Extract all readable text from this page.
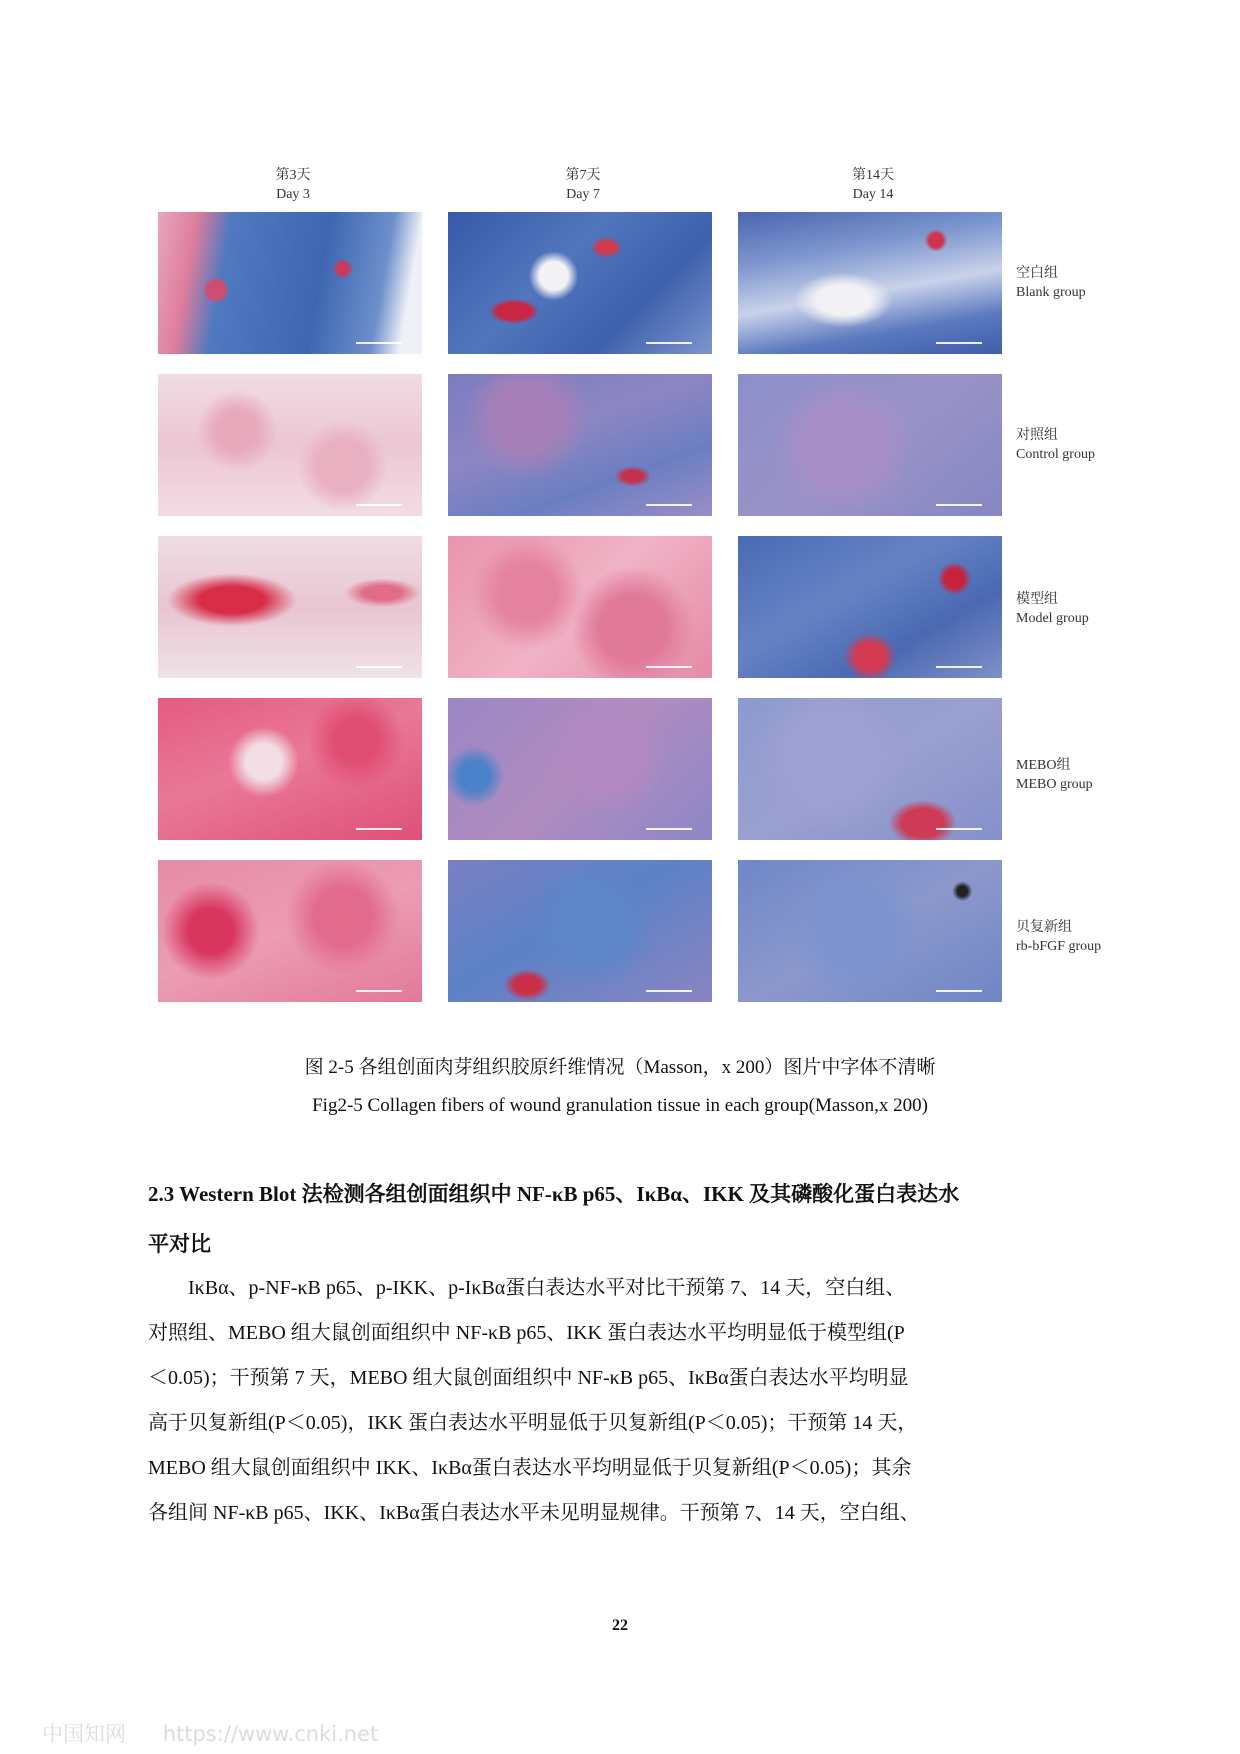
第3天
Day 3
第7天
Day 7
第14天
Day 14
空白组
Blank group
对照组
Control group
模型组
Model group
MEBO组
MEBO group
贝复新组
rb-bFGF group
图 2-5 各组创面肉芽组织胶原纤维情况（Masson，x 200）图片中字体不清晰
Fig2-5 Collagen fibers of wound granulation tissue in each group(Masson,x 200)
2.3 Western Blot 法检测各组创面组织中 NF-κB p65、IκBα、IKK 及其磷酸化蛋白表达水
平对比

IκBα、p-NF-κB p65、p-IKK、p-IκBα蛋白表达水平对比干预第 7、14 天，空白组、

对照组、MEBO 组大鼠创面组织中 NF-κB p65、IKK 蛋白表达水平均明显低于模型组(P

＜0.05)；干预第 7 天，MEBO 组大鼠创面组织中 NF-κB p65、IκBα蛋白表达水平均明显

高于贝复新组(P＜0.05)，IKK 蛋白表达水平明显低于贝复新组(P＜0.05)；干预第 14 天，

MEBO 组大鼠创面组织中 IKK、IκBα蛋白表达水平均明显低于贝复新组(P＜0.05)；其余

各组间 NF-κB p65、IKK、IκBα蛋白表达水平未见明显规律。干预第 7、14 天，空白组、

22
中国知网 https://www.cnki.net
